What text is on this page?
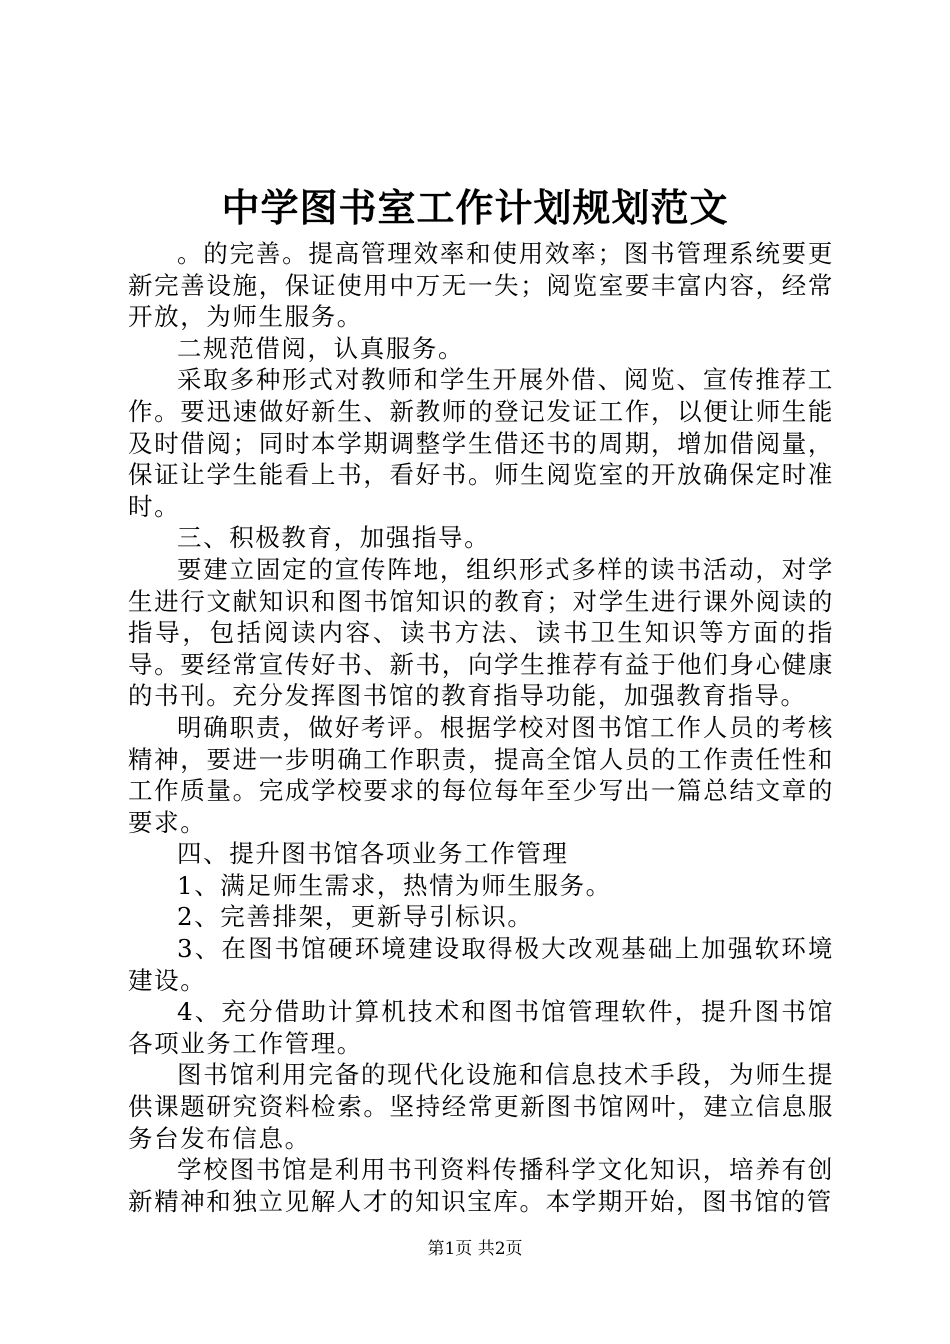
中学图书室工作计划规划范文

。的完善。提高管理效率和使用效率；图书管理系统要更新完善设施，保证使用中万无一失；阅览室要丰富内容，经常开放，为师生服务。

二规范借阅，认真服务。

采取多种形式对教师和学生开展外借、阅览、宣传推荐工作。要迅速做好新生、新教师的登记发证工作，以便让师生能及时借阅；同时本学期调整学生借还书的周期，增加借阅量，保证让学生能看上书，看好书。师生阅览室的开放确保定时准时。

三、积极教育，加强指导。

要建立固定的宣传阵地，组织形式多样的读书活动，对学生进行文献知识和图书馆知识的教育；对学生进行课外阅读的指导，包括阅读内容、读书方法、读书卫生知识等方面的指导。要经常宣传好书、新书，向学生推荐有益于他们身心健康的书刊。充分发挥图书馆的教育指导功能，加强教育指导。

明确职责，做好考评。根据学校对图书馆工作人员的考核精神，要进一步明确工作职责，提高全馆人员的工作责任性和工作质量。完成学校要求的每位每年至少写出一篇总结文章的要求。

四、提升图书馆各项业务工作管理

1、满足师生需求，热情为师生服务。

2、完善排架，更新导引标识。

3、在图书馆硬环境建设取得极大改观基础上加强软环境建设。

4、充分借助计算机技术和图书馆管理软件，提升图书馆各项业务工作管理。

图书馆利用完备的现代化设施和信息技术手段，为师生提供课题研究资料检索。坚持经常更新图书馆网叶，建立信息服务台发布信息。

学校图书馆是利用书刊资料传播科学文化知识，培养有创新精神和独立见解人才的知识宝库。本学期开始，图书馆的管

第1页 共2页
